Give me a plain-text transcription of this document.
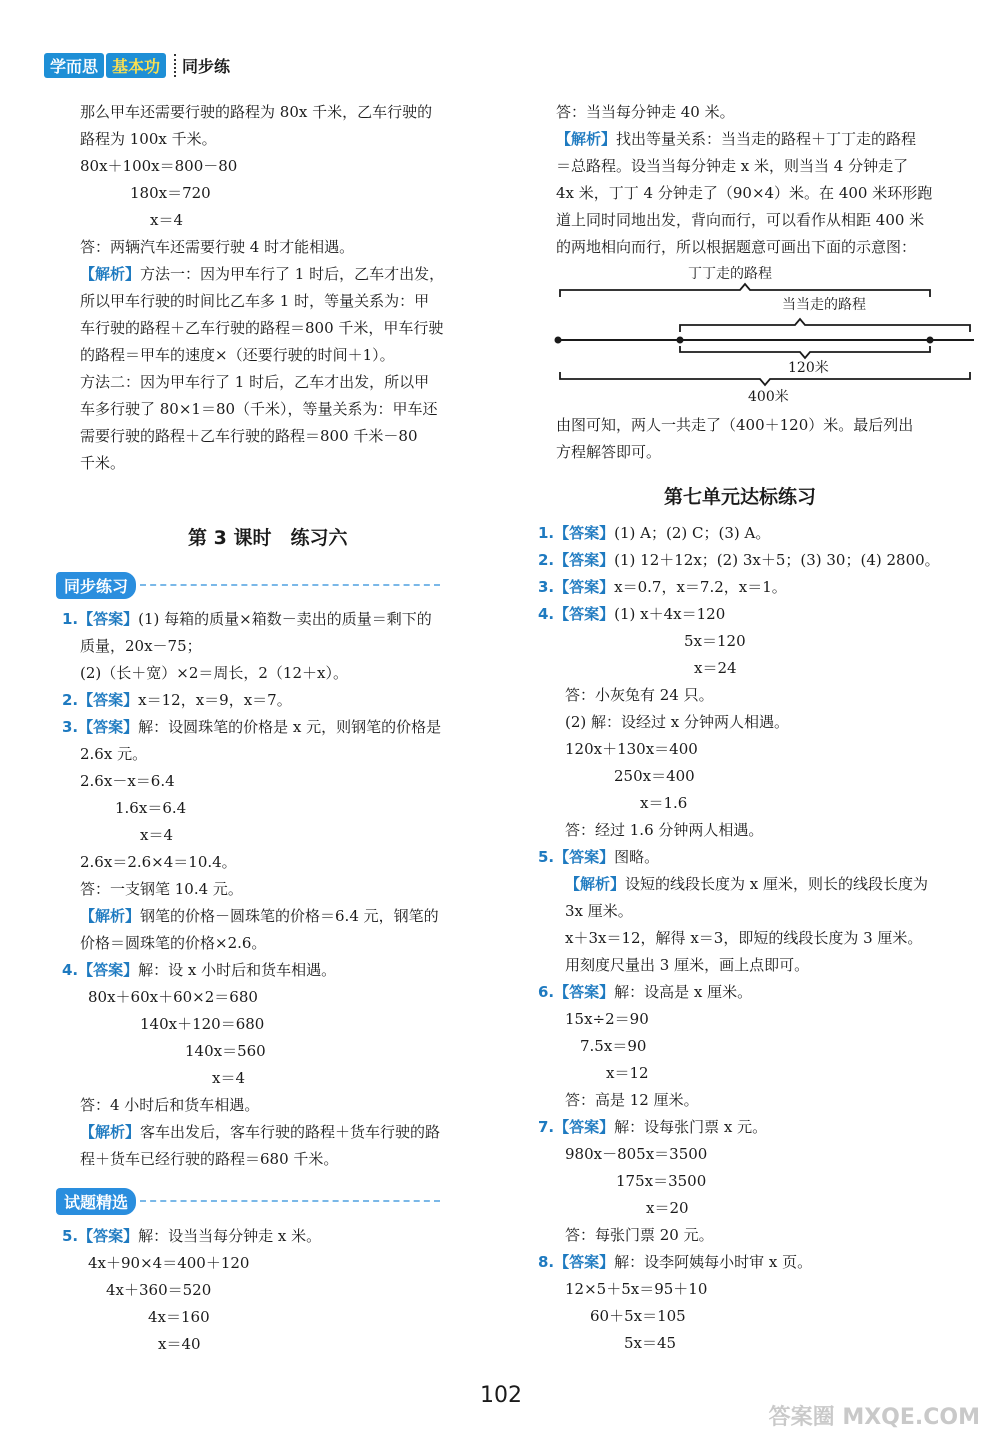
学而思 基本功	同步练
那么甲车还需要行驶的路程为 80x 千米，乙车行驶的
路程为 100x 千米。
80x＋100x＝800－80
180x＝720
x＝4
答：两辆汽车还需要行驶 4 时才能相遇。
【解析】方法一：因为甲车行了 1 时后，乙车才出发，
所以甲车行驶的时间比乙车多 1 时，等量关系为：甲
车行驶的路程＋乙车行驶的路程＝800 千米，甲车行驶
的路程＝甲车的速度×（还要行驶的时间＋1）。
方法二：因为甲车行了 1 时后，乙车才出发，所以甲
车多行驶了 80×1＝80（千米），等量关系为：甲车还
需要行驶的路程＋乙车行驶的路程＝800 千米－80
千米。
第 3 课时　练习六
同步练习
1.【答案】(1) 每箱的质量×箱数－卖出的质量＝剩下的
质量，20x－75；
(2)（长＋宽）×2＝周长，2（12＋x）。
2.【答案】x＝12，x＝9，x＝7。
3.【答案】解：设圆珠笔的价格是 x 元，则钢笔的价格是
2.6x 元。
2.6x－x＝6.4
1.6x＝6.4
x＝4
2.6x＝2.6×4＝10.4。
答：一支钢笔 10.4 元。
【解析】钢笔的价格－圆珠笔的价格＝6.4 元，钢笔的
价格＝圆珠笔的价格×2.6。
4.【答案】解：设 x 小时后和货车相遇。
80x＋60x＋60×2＝680
140x＋120＝680
140x＝560
x＝4
答：4 小时后和货车相遇。
【解析】客车出发后，客车行驶的路程＋货车行驶的路
程＋货车已经行驶的路程＝680 千米。
试题精选
5.【答案】解：设当当每分钟走 x 米。
4x＋90×4＝400＋120
4x＋360＝520
4x＝160
x＝40
答：当当每分钟走 40 米。
【解析】找出等量关系：当当走的路程＋丁丁走的路程
＝总路程。设当当每分钟走 x 米，则当当 4 分钟走了
4x 米，丁丁 4 分钟走了（90×4）米。在 400 米环形跑
道上同时同地出发，背向而行，可以看作从相距 400 米
的两地相向而行，所以根据题意可画出下面的示意图：
丁丁走的路程
当当走的路程
120米
400米
由图可知，两人一共走了（400＋120）米。最后列出
方程解答即可。
第七单元达标练习
1.【答案】(1) A；(2) C；(3) A。
2.【答案】(1) 12＋12x；(2) 3x＋5；(3) 30；(4) 2800。
3.【答案】x＝0.7，x＝7.2，x＝1。
4.【答案】(1) x＋4x＝120
5x＝120
x＝24
答：小灰兔有 24 只。
(2) 解：设经过 x 分钟两人相遇。
120x＋130x＝400
250x＝400
x＝1.6
答：经过 1.6 分钟两人相遇。
5.【答案】图略。
【解析】设短的线段长度为 x 厘米，则长的线段长度为
3x 厘米。
x＋3x＝12，解得 x＝3，即短的线段长度为 3 厘米。
用刻度尺量出 3 厘米，画上点即可。
6.【答案】解：设高是 x 厘米。
15x÷2＝90
7.5x＝90
x＝12
答：高是 12 厘米。
7.【答案】解：设每张门票 x 元。
980x－805x＝3500
175x＝3500
x＝20
答：每张门票 20 元。
8.【答案】解：设李阿姨每小时审 x 页。
12×5＋5x＝95＋10
60＋5x＝105
5x＝45
102
答案圈 MXQE.COM
